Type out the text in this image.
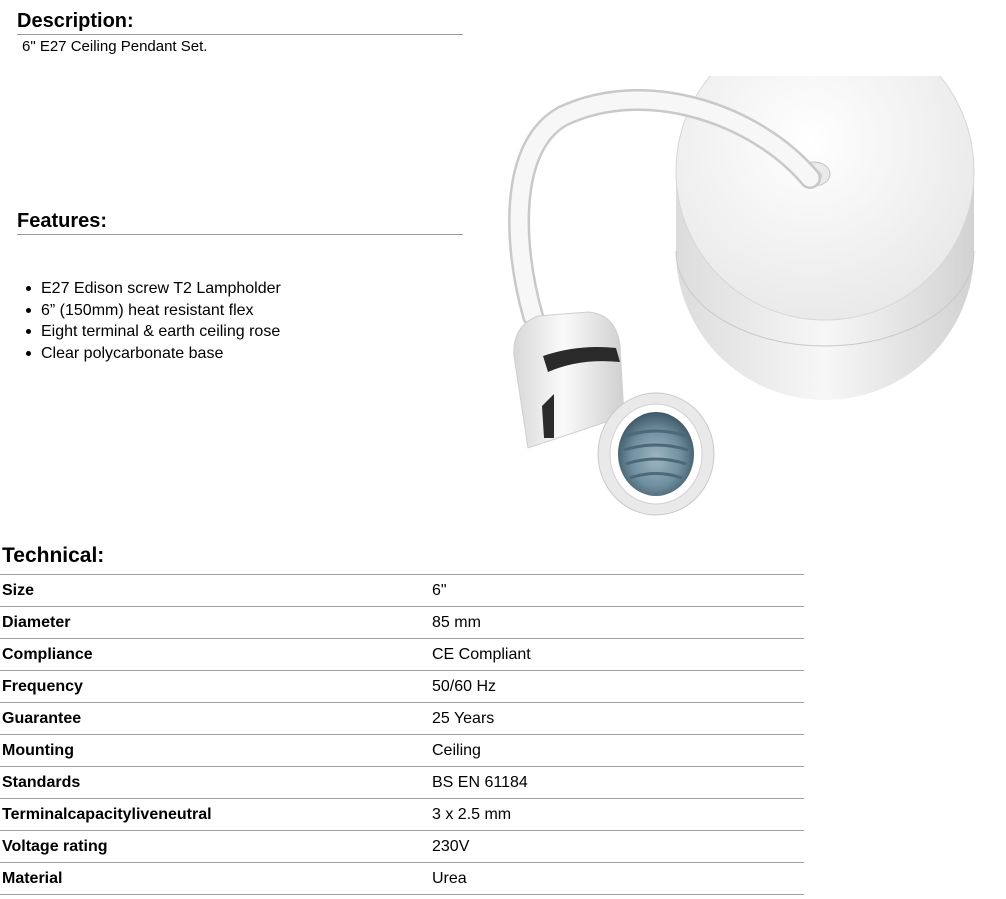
Description:
6" E27 Ceiling Pendant Set.
Features:
E27 Edison screw T2 Lampholder
6” (150mm) heat resistant flex
Eight terminal & earth ceiling rose
Clear polycarbonate base
Technical:
Size	6"
Diameter	85 mm
Compliance	CE Compliant
Frequency	50/60 Hz
Guarantee	25 Years
Mounting	Ceiling
Standards	BS EN 61184
Terminalcapacityliveneutral	3 x 2.5 mm
Voltage rating	230V
Material	Urea
